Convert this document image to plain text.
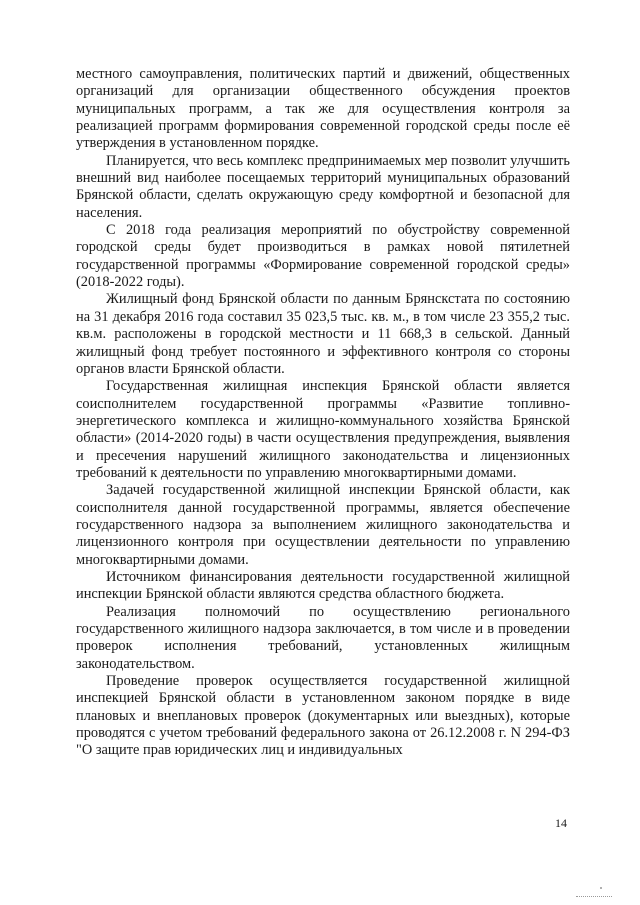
местного самоуправления, политических партий и движений, общественных организаций для организации общественного обсуждения проектов муниципальных программ, а так же для осуществления контроля за реализацией программ формирования современной городской среды после её утверждения в установленном порядке.

Планируется, что весь комплекс предпринимаемых мер позволит улучшить внешний вид наиболее посещаемых территорий муниципальных образований Брянской области, сделать окружающую среду комфортной и безопасной для населения.

С 2018 года реализация мероприятий по обустройству современной городской среды будет производиться в рамках новой пятилетней государственной программы «Формирование современной городской среды» (2018-2022 годы).

Жилищный фонд Брянской области по данным Брянскстата по состоянию на 31 декабря 2016 года составил 35 023,5 тыс. кв. м., в том числе 23 355,2 тыс. кв.м. расположены в городской местности и 11 668,3 в сельской. Данный жилищный фонд требует постоянного и эффективного контроля со стороны органов власти Брянской области.

Государственная жилищная инспекция Брянской области является соисполнителем государственной программы «Развитие топливно-энергетического комплекса и жилищно-коммунального хозяйства Брянской области» (2014-2020 годы) в части осуществления предупреждения, выявления и пресечения нарушений жилищного законодательства и лицензионных требований к деятельности по управлению многоквартирными домами.

Задачей государственной жилищной инспекции Брянской области, как соисполнителя данной государственной программы, является обеспечение государственного надзора за выполнением жилищного законодательства и лицензионного контроля при осуществлении деятельности по управлению многоквартирными домами.

Источником финансирования деятельности государственной жилищной инспекции Брянской области являются средства областного бюджета.

Реализация полномочий по осуществлению регионального государственного жилищного надзора заключается, в том числе и в проведении проверок исполнения требований, установленных жилищным законодательством.

Проведение проверок осуществляется государственной жилищной инспекцией Брянской области в установленном законом порядке в виде плановых и внеплановых проверок (документарных или выездных), которые проводятся с учетом требований федерального закона от 26.12.2008 г. N 294-ФЗ "О защите прав юридических лиц и индивидуальных

14
